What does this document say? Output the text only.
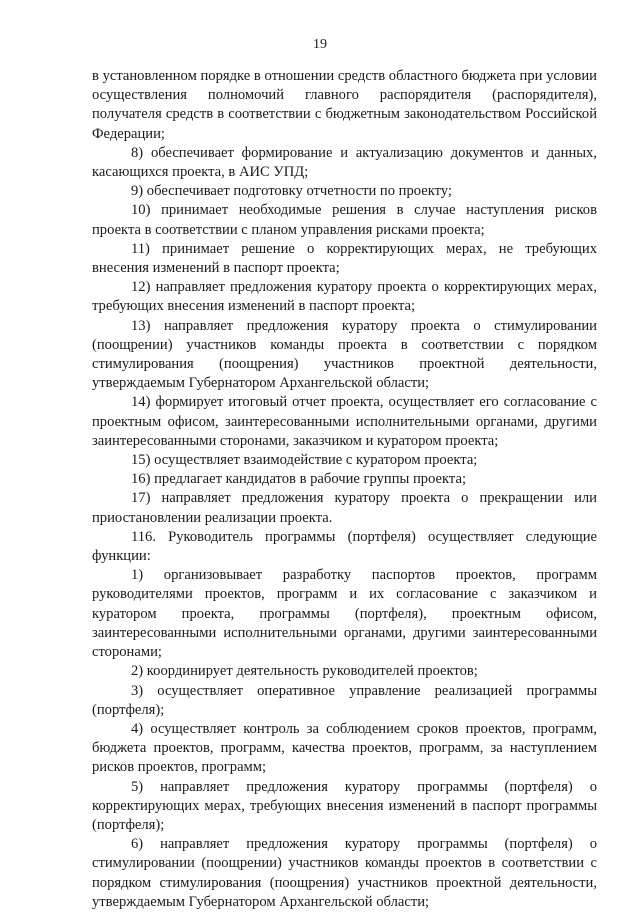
19

в установленном порядке в отношении средств областного бюджета при условии осуществления полномочий главного распорядителя (распорядителя), получателя средств в соответствии с бюджетным законодательством Российской Федерации;

8) обеспечивает формирование и актуализацию документов и данных, касающихся проекта, в АИС УПД;

9) обеспечивает подготовку отчетности по проекту;

10) принимает необходимые решения в случае наступления рисков проекта в соответствии с планом управления рисками проекта;

11) принимает решение о корректирующих мерах, не требующих внесения изменений в паспорт проекта;

12) направляет предложения куратору проекта о корректирующих мерах, требующих внесения изменений в паспорт проекта;

13) направляет предложения куратору проекта о стимулировании (поощрении) участников команды проекта в соответствии с порядком стимулирования (поощрения) участников проектной деятельности, утверждаемым Губернатором Архангельской области;

14) формирует итоговый отчет проекта, осуществляет его согласование с проектным офисом, заинтересованными исполнительными органами, другими заинтересованными сторонами, заказчиком и куратором проекта;

15) осуществляет взаимодействие с куратором проекта;

16) предлагает кандидатов в рабочие группы проекта;

17) направляет предложения куратору проекта о прекращении или приостановлении реализации проекта.

116. Руководитель программы (портфеля) осуществляет следующие функции:

1) организовывает разработку паспортов проектов, программ руководителями проектов, программ и их согласование с заказчиком и куратором проекта, программы (портфеля), проектным офисом, заинтересованными исполнительными органами, другими заинтересованными сторонами;

2) координирует деятельность руководителей проектов;

3) осуществляет оперативное управление реализацией программы (портфеля);

4) осуществляет контроль за соблюдением сроков проектов, программ, бюджета проектов, программ, качества проектов, программ, за наступлением рисков проектов, программ;

5) направляет предложения куратору программы (портфеля) о корректирующих мерах, требующих внесения изменений в паспорт программы (портфеля);

6) направляет предложения куратору программы (портфеля) о стимулировании (поощрении) участников команды проектов в соответствии с порядком стимулирования (поощрения) участников проектной деятельности, утверждаемым Губернатором Архангельской области;
